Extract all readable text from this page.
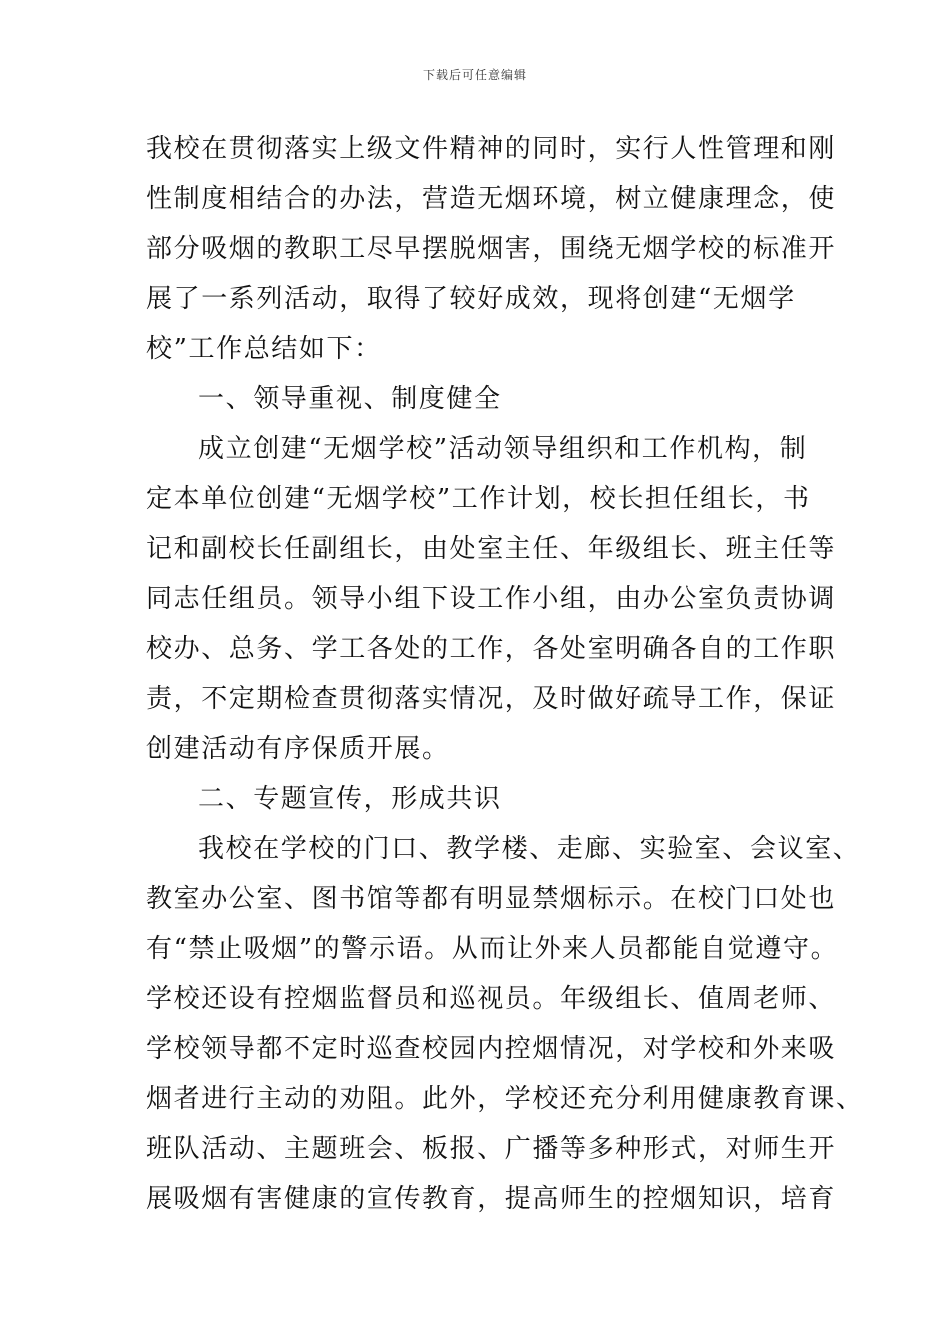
下载后可任意编辑
我校在贯彻落实上级文件精神的同时，实行人性管理和刚
性制度相结合的办法，营造无烟环境，树立健康理念，使
部分吸烟的教职工尽早摆脱烟害，围绕无烟学校的标准开
展了一系列活动，取得了较好成效，现将创建“无烟学
校”工作总结如下：
一、领导重视、制度健全
成立创建“无烟学校”活动领导组织和工作机构，制
定本单位创建“无烟学校”工作计划，校长担任组长，书
记和副校长任副组长，由处室主任、年级组长、班主任等
同志任组员。领导小组下设工作小组，由办公室负责协调
校办、总务、学工各处的工作，各处室明确各自的工作职
责，不定期检查贯彻落实情况，及时做好疏导工作，保证
创建活动有序保质开展。
二、专题宣传，形成共识
我校在学校的门口、教学楼、走廊、实验室、会议室、
教室办公室、图书馆等都有明显禁烟标示。在校门口处也
有“禁止吸烟”的警示语。从而让外来人员都能自觉遵守。
学校还设有控烟监督员和巡视员。年级组长、值周老师、
学校领导都不定时巡查校园内控烟情况，对学校和外来吸
烟者进行主动的劝阻。此外，学校还充分利用健康教育课、
班队活动、主题班会、板报、广播等多种形式，对师生开
展吸烟有害健康的宣传教育，提高师生的控烟知识，培育
